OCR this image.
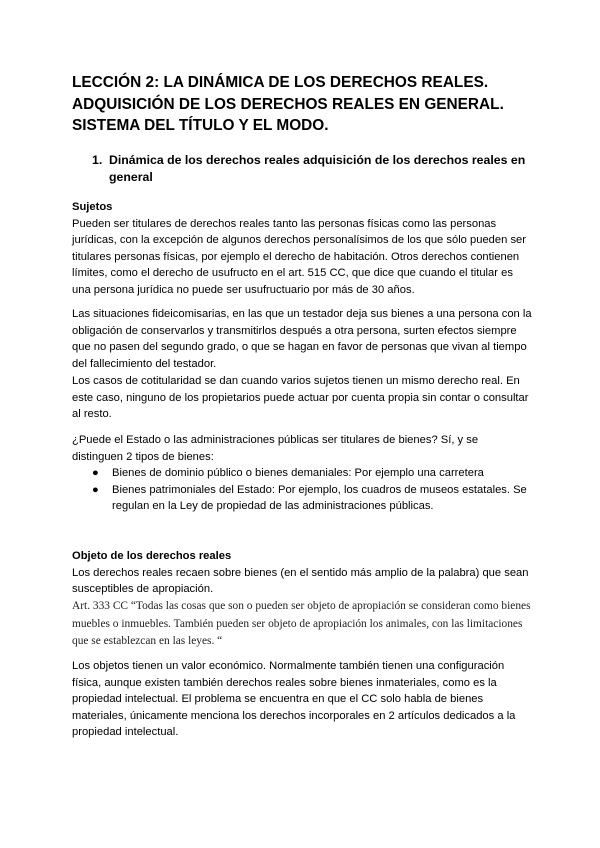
LECCIÓN 2: LA DINÁMICA DE LOS DERECHOS REALES. ADQUISICIÓN DE LOS DERECHOS REALES EN GENERAL. SISTEMA DEL TÍTULO Y EL MODO.
1. Dinámica de los derechos reales adquisición de los derechos reales en general
Sujetos

Pueden ser titulares de derechos reales tanto las personas físicas como las personas jurídicas, con la excepción de algunos derechos personalísimos de los que sólo pueden ser titulares personas físicas, por ejemplo el derecho de habitación. Otros derechos contienen límites, como el derecho de usufructo en el art. 515 CC, que dice que cuando el titular es una persona jurídica no puede ser usufructuario por más de 30 años.

Las situaciones fideicomisarias, en las que un testador deja sus bienes a una persona con la obligación de conservarlos y transmitirlos después a otra persona, surten efectos siempre que no pasen del segundo grado, o que se hagan en favor de personas que vivan al tiempo del fallecimiento del testador.

Los casos de cotitularidad se dan cuando varios sujetos tienen un mismo derecho real. En este caso, ninguno de los propietarios puede actuar por cuenta propia sin contar o consultar al resto.

¿Puede el Estado o las administraciones públicas ser titulares de bienes? Sí, y se distinguen 2 tipos de bienes:

● Bienes de dominio público o bienes demaniales: Por ejemplo una carretera
● Bienes patrimoniales del Estado: Por ejemplo, los cuadros de museos estatales. Se regulan en la Ley de propiedad de las administraciones públicas.
Objeto de los derechos reales

Los derechos reales recaen sobre bienes (en el sentido más amplio de la palabra) que sean susceptibles de apropiación.

Art. 333 CC “Todas las cosas que son o pueden ser objeto de apropiación se consideran como bienes muebles o inmuebles. También pueden ser objeto de apropiación los animales, con las limitaciones que se establezcan en las leyes. “

Los objetos tienen un valor económico. Normalmente también tienen una configuración física, aunque existen también derechos reales sobre bienes inmateriales, como es la propiedad intelectual. El problema se encuentra en que el CC solo habla de bienes materiales, únicamente menciona los derechos incorporales en 2 artículos dedicados a la propiedad intelectual.
